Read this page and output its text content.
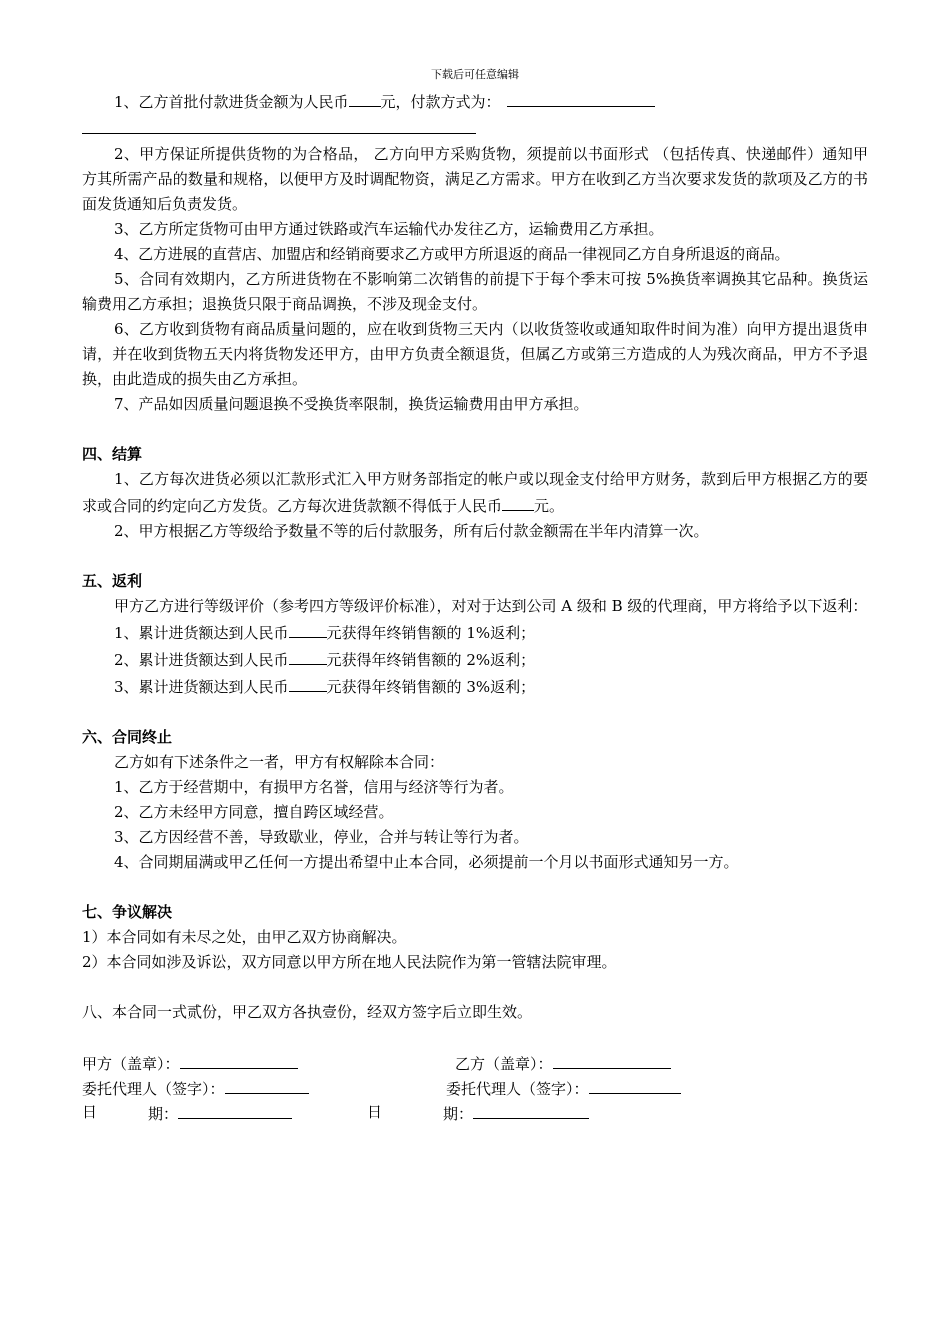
下载后可任意编辑

1、乙方首批付款进货金额为人民币 元，付款方式为：

2、甲方保证所提供货物的为合格品， 乙方向甲方采购货物，须提前以书面形式 （包括传真、快递邮件）通知甲方其所需产品的数量和规格，以便甲方及时调配物资，满足乙方需求。甲方在收到乙方当次要求发货的款项及乙方的书面发货通知后负责发货。

3、乙方所定货物可由甲方通过铁路或汽车运输代办发往乙方，运输费用乙方承担。

4、乙方进展的直营店、加盟店和经销商要求乙方或甲方所退返的商品一律视同乙方自身所退返的商品。

5、合同有效期内，乙方所进货物在不影响第二次销售的前提下于每个季末可按 5%换货率调换其它品种。换货运输费用乙方承担；退换货只限于商品调换，不涉及现金支付。

6、乙方收到货物有商品质量问题的，应在收到货物三天内（以收货签收或通知取件时间为准）向甲方提出退货申请，并在收到货物五天内将货物发还甲方，由甲方负责全额退货，但属乙方或第三方造成的人为残次商品，甲方不予退换，由此造成的损失由乙方承担。

7、产品如因质量问题退换不受换货率限制，换货运输费用由甲方承担。

四、结算

1、乙方每次进货必须以汇款形式汇入甲方财务部指定的帐户或以现金支付给甲方财务，款到后甲方根据乙方的要求或合同的约定向乙方发货。乙方每次进货款额不得低于人民币 元。

2、甲方根据乙方等级给予数量不等的后付款服务，所有后付款金额需在半年内清算一次。

五、返利

甲方乙方进行等级评价（参考四方等级评价标准），对对于达到公司 A 级和 B 级的代理商，甲方将给予以下返利：

1、累计进货额达到人民币	元获得年终销售额的 1%返利；

2、累计进货额达到人民币	元获得年终销售额的 2%返利；

3、累计进货额达到人民币	元获得年终销售额的 3%返利；

六、合同终止

乙方如有下述条件之一者，甲方有权解除本合同：

1、乙方于经营期中，有损甲方名誉，信用与经济等行为者。

2、乙方未经甲方同意，擅自跨区域经营。

3、乙方因经营不善，导致歇业，停业，合并与转让等行为者。

4、合同期届满或甲乙任何一方提出希望中止本合同，必须提前一个月以书面形式通知另一方。

七、争议解决

1）本合同如有未尽之处，由甲乙双方协商解决。

2）本合同如涉及诉讼，双方同意以甲方所在地人民法院作为第一管辖法院审理。

八、本合同一式贰份，甲乙双方各执壹份，经双方签字后立即生效。

甲方（盖章）：	乙方（盖章）：
委托代理人（签字）：	委托代理人（签字）：
日	期：	日	期：
